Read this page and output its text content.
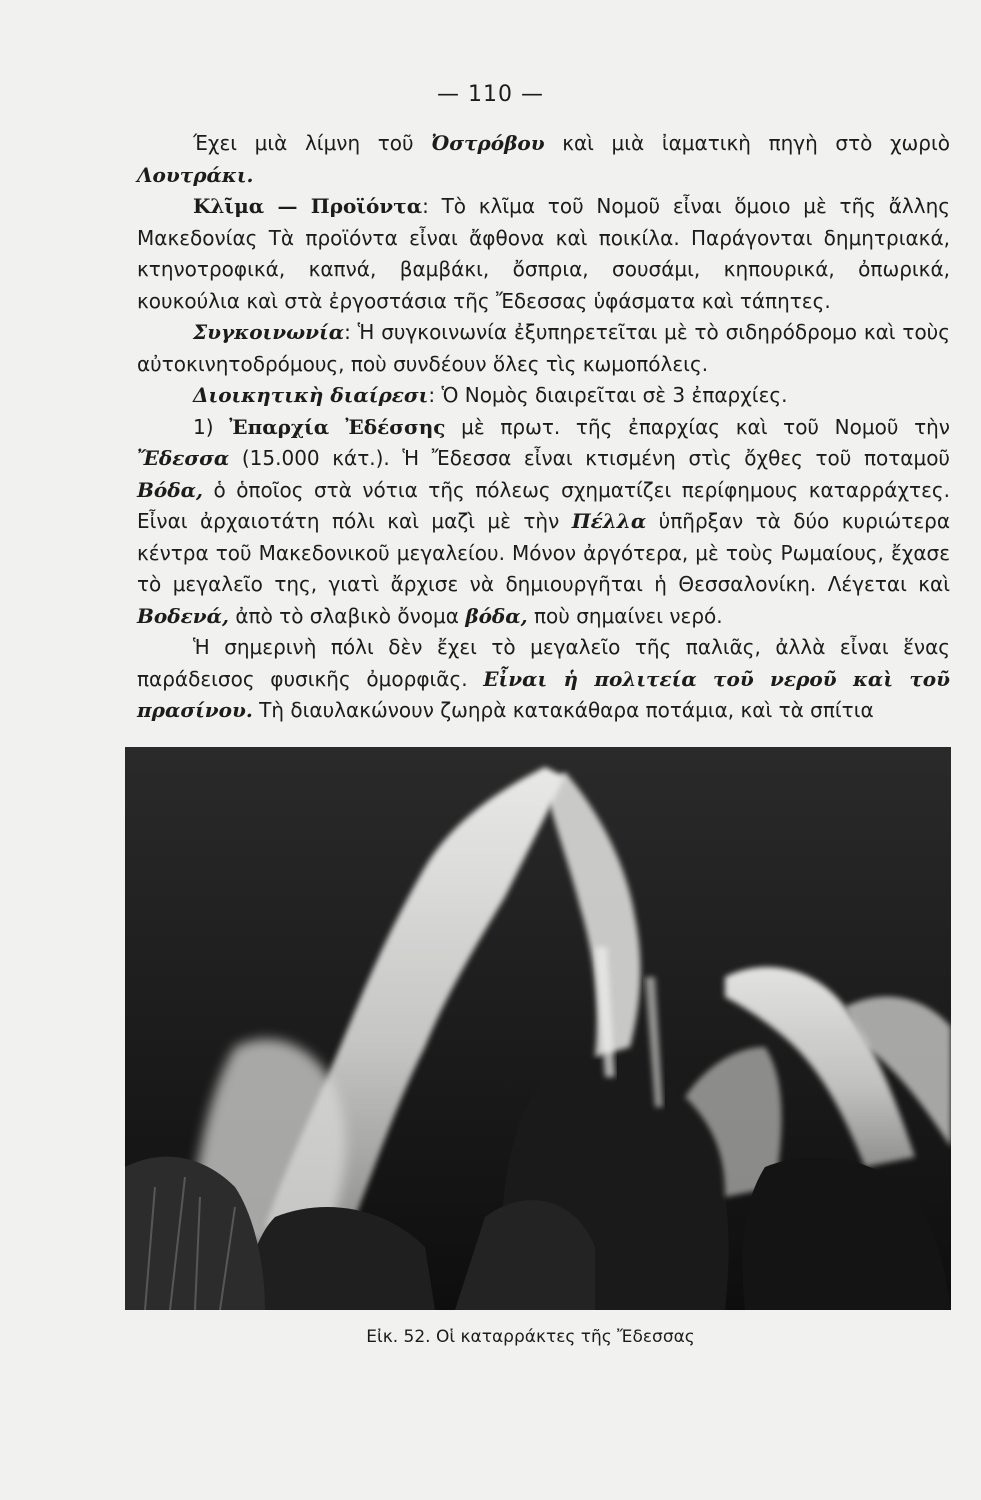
— 110 —

Έχει μιὰ λίμνη τοῦ Ὀστρόβου καὶ μιὰ ἰαματικὴ πηγὴ στὸ χωριὸ Λουτράκι.

Κλῖμα — Προϊόντα: Τὸ κλῖμα τοῦ Νομοῦ εἶναι ὅμοιο μὲ τῆς ἄλλης Μακεδονίας Τὰ προϊόντα εἶναι ἄφθονα καὶ ποικίλα. Παράγονται δημητριακά, κτηνοτροφικά, καπνά, βαμβάκι, ὄσπρια, σουσάμι, κηπουρικά, ὀπωρικά, κουκούλια καὶ στὰ ἐργοστάσια τῆς Ἔδεσσας ὑφάσματα καὶ τάπητες.

Συγκοινωνία: Ἡ συγκοινωνία ἐξυπηρετεῖται μὲ τὸ σιδηρόδρομο καὶ τοὺς αὐτοκινητοδρόμους, ποὺ συνδέουν ὅλες τὶς κωμοπόλεις.

Διοικητικὴ διαίρεσι: Ὁ Νομὸς διαιρεῖται σὲ 3 ἐπαρχίες.

1) Ἐπαρχία Ἐδέσσης μὲ πρωτ. τῆς ἐπαρχίας καὶ τοῦ Νομοῦ τὴν Ἔδεσσα (15.000 κάτ.). Ἡ Ἔδεσσα εἶναι κτισμένη στὶς ὄχθες τοῦ ποταμοῦ Βόδα, ὁ ὁποῖος στὰ νότια τῆς πόλεως σχηματίζει περίφημους καταρράχτες. Εἶναι ἀρχαιοτάτη πόλι καὶ μαζὶ μὲ τὴν Πέλλα ὑπῆρξαν τὰ δύο κυριώτερα κέντρα τοῦ Μακεδονικοῦ μεγαλείου. Μόνον ἀργότερα, μὲ τοὺς Ρωμαίους, ἔχασε τὸ μεγαλεῖο της, γιατὶ ἄρχισε νὰ δημιουργῆται ἡ Θεσσαλονίκη. Λέγεται καὶ Βοδενά, ἀπὸ τὸ σλαβικὸ ὄνομα βόδα, ποὺ σημαίνει νερό.

Ἡ σημερινὴ πόλι δὲν ἔχει τὸ μεγαλεῖο τῆς παλιᾶς, ἀλλὰ εἶναι ἕνας παράδεισος φυσικῆς ὀμορφιᾶς. Εἶναι ἡ πολιτεία τοῦ νεροῦ καὶ τοῦ πρασίνου. Τὴ διαυλακώνουν ζωηρὰ κατακάθαρα ποτάμια, καὶ τὰ σπίτια

Εἰκ. 52. Οἱ καταρράκτες τῆς Ἔδεσσας
